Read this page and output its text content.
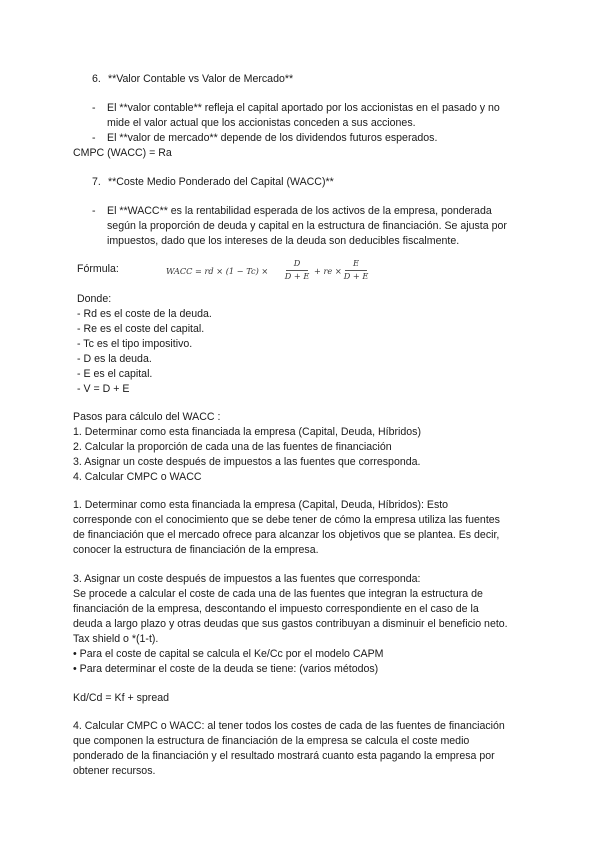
6. **Valor Contable vs Valor de Mercado**
- El **valor contable** refleja el capital aportado por los accionistas en el pasado y no
mide el valor actual que los accionistas conceden a sus acciones.
- El **valor de mercado** depende de los dividendos futuros esperados.
CMPC (WACC) = Ra
7. **Coste Medio Ponderado del Capital (WACC)**
- El **WACC** es la rentabilidad esperada de los activos de la empresa, ponderada
según la proporción de deuda y capital en la estructura de financiación. Se ajusta por
impuestos, dado que los intereses de la deuda son deducibles fiscalmente.
Fórmula:	WACC = rd × (1 − Tc) ×
D
D + E + re ×
E
D + E
Donde:
- Rd es el coste de la deuda.
- Re es el coste del capital.
- Tc es el tipo impositivo.
- D es la deuda.
- E es el capital.
- V = D + E
Pasos para cálculo del WACC :
1. Determinar como esta financiada la empresa (Capital, Deuda, Híbridos)
2. Calcular la proporción de cada una de las fuentes de financiación
3. Asignar un coste después de impuestos a las fuentes que corresponda.
4. Calcular CMPC o WACC
1. Determinar como esta financiada la empresa (Capital, Deuda, Híbridos): Esto
corresponde con el conocimiento que se debe tener de cómo la empresa utiliza las fuentes
de financiación que el mercado ofrece para alcanzar los objetivos que se plantea. Es decir,
conocer la estructura de financiación de la empresa.
3. Asignar un coste después de impuestos a las fuentes que corresponda:
Se procede a calcular el coste de cada una de las fuentes que integran la estructura de
financiación de la empresa, descontando el impuesto correspondiente en el caso de la
deuda a largo plazo y otras deudas que sus gastos contribuyan a disminuir el beneficio neto.
Tax shield o *(1-t).
• Para el coste de capital se calcula el Ke/Cc por el modelo CAPM
• Para determinar el coste de la deuda se tiene: (varios métodos)
Kd/Cd = Kf + spread
4. Calcular CMPC o WACC: al tener todos los costes de cada de las fuentes de financiación
que componen la estructura de financiación de la empresa se calcula el coste medio
ponderado de la financiación y el resultado mostrará cuanto esta pagando la empresa por
obtener recursos.
